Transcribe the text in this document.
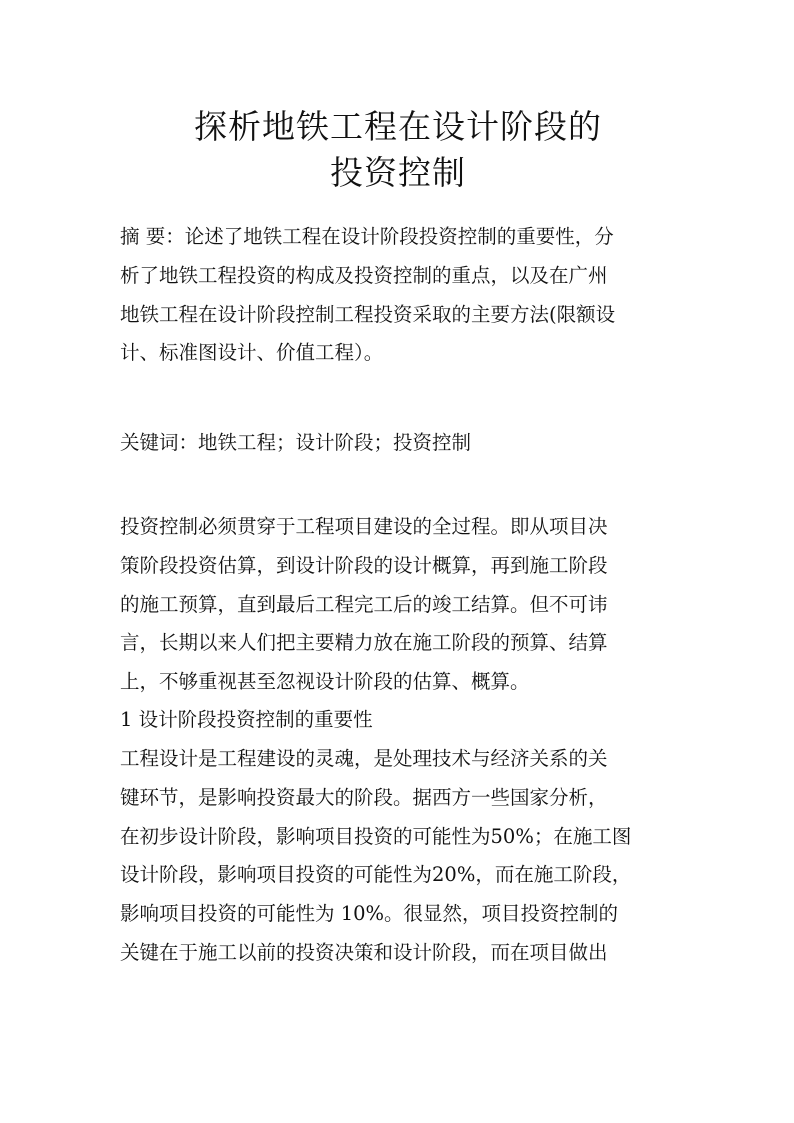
探析地铁工程在设计阶段的
投资控制
摘 要：论述了地铁工程在设计阶段投资控制的重要性，分
析了地铁工程投资的构成及投资控制的重点，以及在广州
地铁工程在设计阶段控制工程投资采取的主要方法(限额设
计、标准图设计、价值工程）。
关键词：地铁工程；设计阶段；投资控制
投资控制必须贯穿于工程项目建设的全过程。即从项目决
策阶段投资估算，到设计阶段的设计概算，再到施工阶段
的施工预算，直到最后工程完工后的竣工结算。但不可讳
言，长期以来人们把主要精力放在施工阶段的预算、结算
上，不够重视甚至忽视设计阶段的估算、概算。
1 设计阶段投资控制的重要性
工程设计是工程建设的灵魂，是处理技术与经济关系的关
键环节，是影响投资最大的阶段。据西方一些国家分析，
在初步设计阶段，影响项目投资的可能性为50%；在施工图
设计阶段，影响项目投资的可能性为20%，而在施工阶段，
影响项目投资的可能性为 10%。很显然，项目投资控制的
关键在于施工以前的投资决策和设计阶段，而在项目做出
